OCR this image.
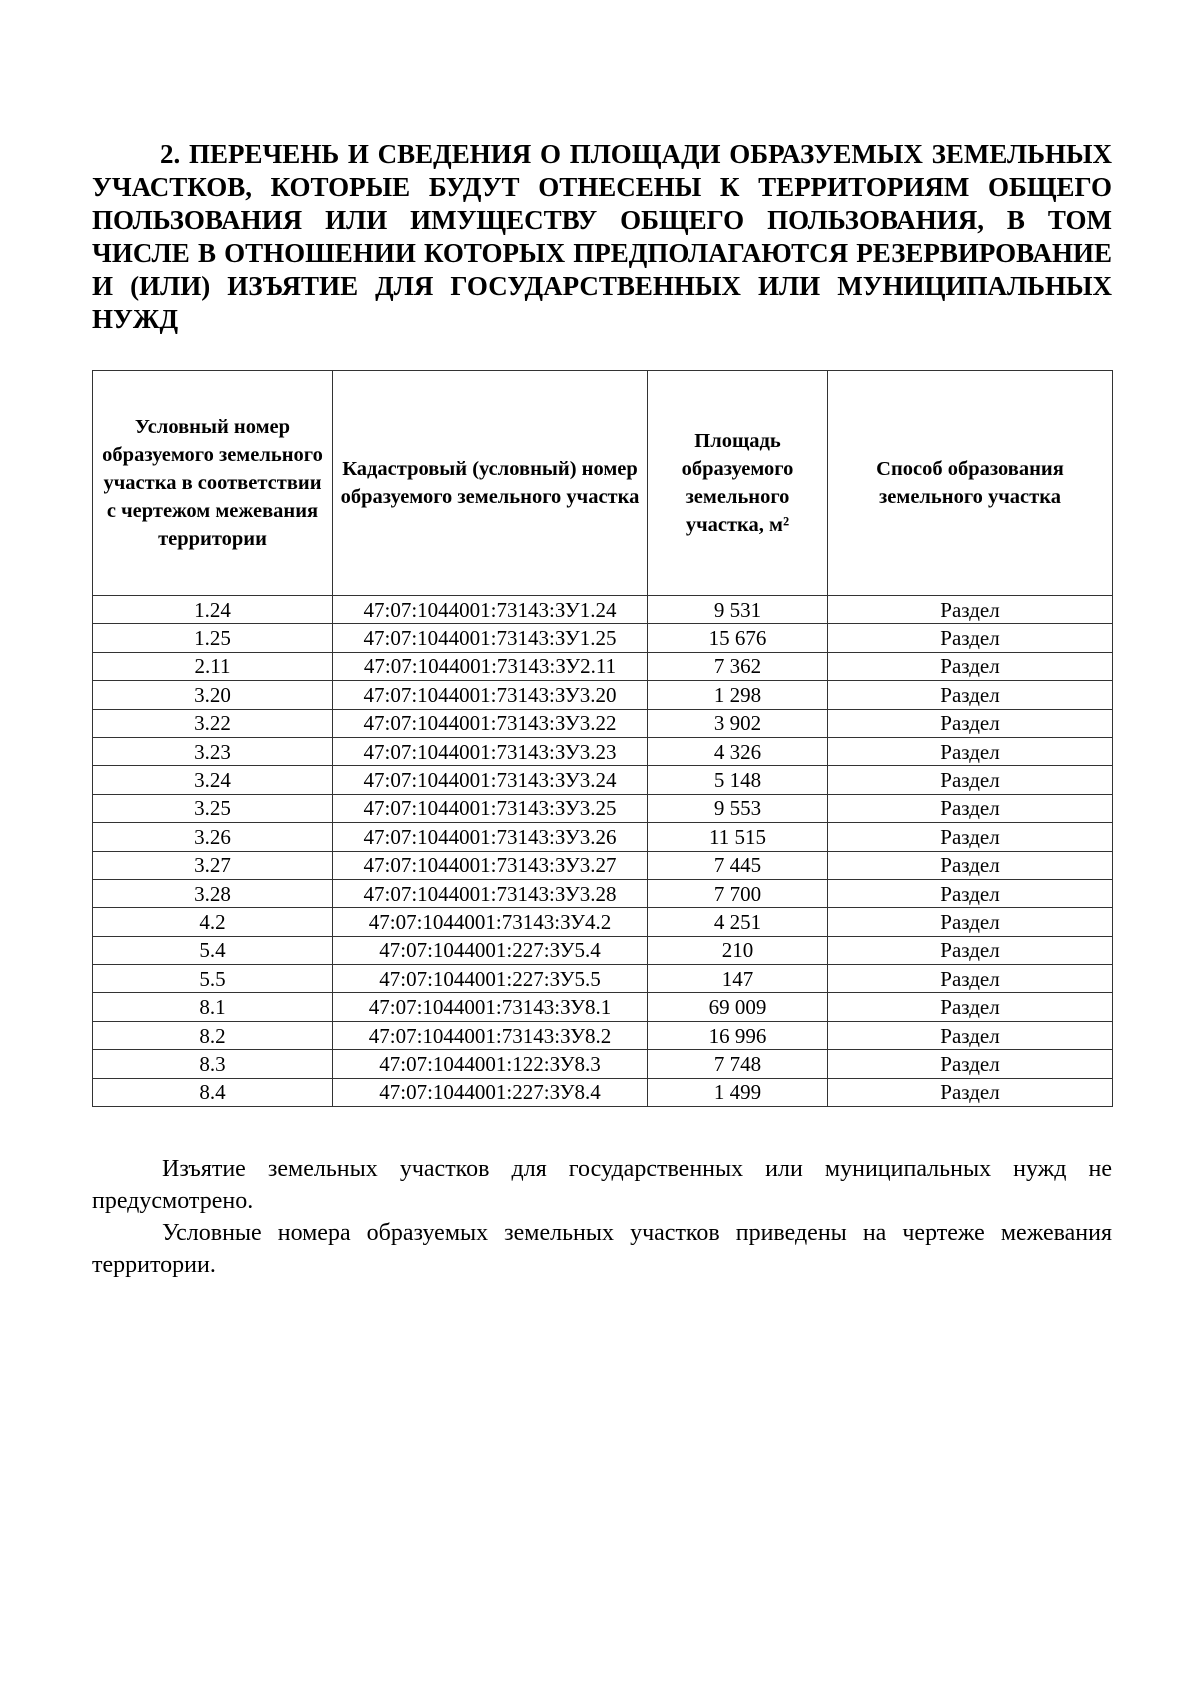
2. ПЕРЕЧЕНЬ И СВЕДЕНИЯ О ПЛОЩАДИ ОБРАЗУЕМЫХ ЗЕМЕЛЬНЫХ УЧАСТКОВ, КОТОРЫЕ БУДУТ ОТНЕСЕНЫ К ТЕРРИТОРИЯМ ОБЩЕГО ПОЛЬЗОВАНИЯ ИЛИ ИМУЩЕСТВУ ОБЩЕГО ПОЛЬЗОВАНИЯ, В ТОМ ЧИСЛЕ В ОТНОШЕНИИ КОТОРЫХ ПРЕДПОЛАГАЮТСЯ РЕЗЕРВИРОВАНИЕ И (ИЛИ) ИЗЪЯТИЕ ДЛЯ ГОСУДАРСТВЕННЫХ ИЛИ МУНИЦИПАЛЬНЫХ НУЖД

Условный номер образуемого земельного участка в соответствии с чертежом межевания территории	Кадастровый (условный) номер образуемого земельного участка	Площадь образуемого земельного участка, м²	Способ образования земельного участка
1.24	47:07:1044001:73143:ЗУ1.24	9 531	Раздел
1.25	47:07:1044001:73143:ЗУ1.25	15 676	Раздел
2.11	47:07:1044001:73143:ЗУ2.11	7 362	Раздел
3.20	47:07:1044001:73143:ЗУ3.20	1 298	Раздел
3.22	47:07:1044001:73143:ЗУ3.22	3 902	Раздел
3.23	47:07:1044001:73143:ЗУ3.23	4 326	Раздел
3.24	47:07:1044001:73143:ЗУ3.24	5 148	Раздел
3.25	47:07:1044001:73143:ЗУ3.25	9 553	Раздел
3.26	47:07:1044001:73143:ЗУ3.26	11 515	Раздел
3.27	47:07:1044001:73143:ЗУ3.27	7 445	Раздел
3.28	47:07:1044001:73143:ЗУ3.28	7 700	Раздел
4.2	47:07:1044001:73143:ЗУ4.2	4 251	Раздел
5.4	47:07:1044001:227:ЗУ5.4	210	Раздел
5.5	47:07:1044001:227:ЗУ5.5	147	Раздел
8.1	47:07:1044001:73143:ЗУ8.1	69 009	Раздел
8.2	47:07:1044001:73143:ЗУ8.2	16 996	Раздел
8.3	47:07:1044001:122:ЗУ8.3	7 748	Раздел
8.4	47:07:1044001:227:ЗУ8.4	1 499	Раздел

Изъятие земельных участков для государственных или муниципальных нужд не предусмотрено.

Условные номера образуемых земельных участков приведены на чертеже межевания территории.
